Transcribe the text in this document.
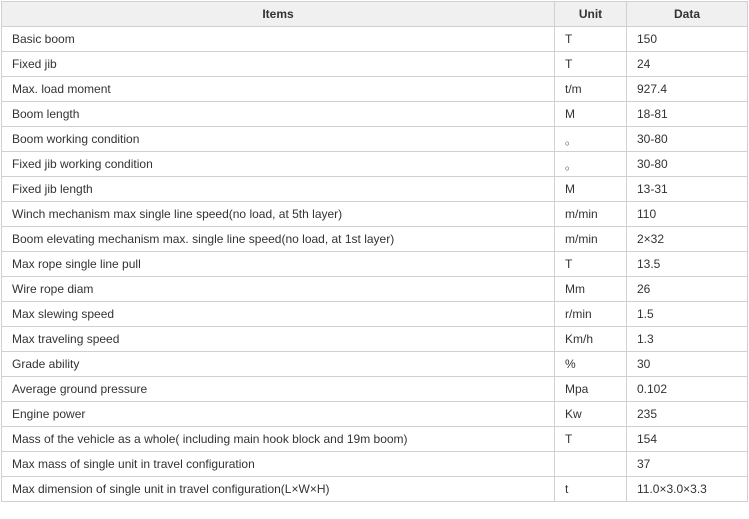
Items	Unit	Data
Basic boom	T	150
Fixed jib	T	24
Max. load moment	t/m	927.4
Boom length	M	18-81
Boom working condition	。	30-80
Fixed jib working condition	。	30-80
Fixed jib length	M	13-31
Winch mechanism max single line speed(no load, at 5th layer)	m/min	110
Boom elevating mechanism max. single line speed(no load, at 1st layer)	m/min	2×32
Max rope single line pull	T	13.5
Wire rope diam	Mm	26
Max slewing speed	r/min	1.5
Max traveling speed	Km/h	1.3
Grade ability	%	30
Average ground pressure	Mpa	0.102
Engine power	Kw	235
Mass of the vehicle as a whole( including main hook block and 19m boom)	T	154
Max mass of single unit in travel configuration		37
Max dimension of single unit in travel configuration(L×W×H)	t	11.0×3.0×3.3
